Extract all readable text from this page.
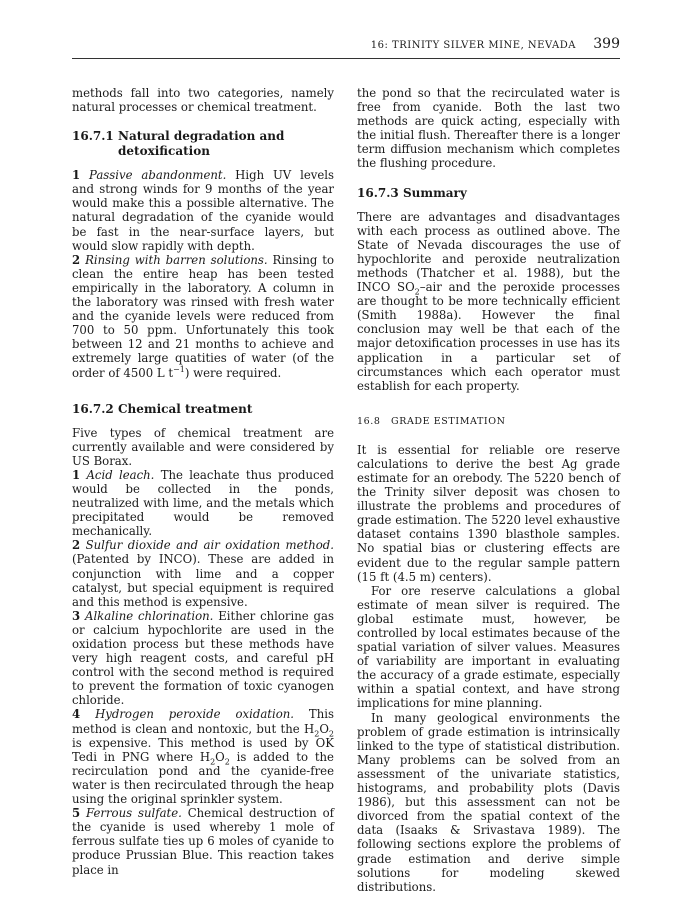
16: TRINITY SILVER MINE, NEVADA 399

methods fall into two categories, namely natural processes or chemical treatment.

16.7.1 Natural degradation and detoxification

1 Passive abandonment. High UV levels and strong winds for 9 months of the year would make this a possible alternative. The natural degradation of the cyanide would be fast in the near-surface layers, but would slow rapidly with depth.

2 Rinsing with barren solutions. Rinsing to clean the entire heap has been tested empirically in the laboratory. A column in the laboratory was rinsed with fresh water and the cyanide levels were reduced from 700 to 50 ppm. Unfortunately this took between 12 and 21 months to achieve and extremely large quatities of water (of the order of 4500 L $t^{-1}$) were required.

16.7.2 Chemical treatment

Five types of chemical treatment are currently available and were considered by US Borax.

1 Acid leach. The leachate thus produced would be collected in the ponds, neutralized with lime, and the metals which precipitated would be removed mechanically.

2 Sulfur dioxide and air oxidation method. (Patented by INCO). These are added in conjunction with lime and a copper catalyst, but special equipment is required and this method is expensive.

3 Alkaline chlorination. Either chlorine gas or calcium hypochlorite are used in the oxidation process but these methods have very high reagent costs, and careful pH control with the second method is required to prevent the formation of toxic cyanogen chloride.

4 Hydrogen peroxide oxidation. This method is clean and nontoxic, but the $H_2O_2$ is expensive. This method is used by OK Tedi in PNG where $H_2O_2$ is added to the recirculation pond and the cyanide-free water is then recirculated through the heap using the original sprinkler system.

5 Ferrous sulfate. Chemical destruction of the cyanide is used whereby 1 mole of ferrous sulfate ties up 6 moles of cyanide to produce Prussian Blue. This reaction takes place in

the pond so that the recirculated water is free from cyanide. Both the last two methods are quick acting, especially with the initial flush. Thereafter there is a longer term diffusion mechanism which completes the flushing procedure.

16.7.3 Summary

There are advantages and disadvantages with each process as outlined above. The State of Nevada discourages the use of hypochlorite and peroxide neutralization methods (Thatcher et al. 1988), but the INCO $SO_2$–air and the peroxide processes are thought to be more technically efficient (Smith 1988a). However the final conclusion may well be that each of the major detoxification processes in use has its application in a particular set of circumstances which each operator must establish for each property.

16.8 GRADE ESTIMATION

It is essential for reliable ore reserve calculations to derive the best Ag grade estimate for an orebody. The 5220 bench of the Trinity silver deposit was chosen to illustrate the problems and procedures of grade estimation. The 5220 level exhaustive dataset contains 1390 blasthole samples. No spatial bias or clustering effects are evident due to the regular sample pattern (15 ft (4.5 m) centers).

For ore reserve calculations a global estimate of mean silver is required. The global estimate must, however, be controlled by local estimates because of the spatial variation of silver values. Measures of variability are important in evaluating the accuracy of a grade estimate, especially within a spatial context, and have strong implications for mine planning.

In many geological environments the problem of grade estimation is intrinsically linked to the type of statistical distribution. Many problems can be solved from an assessment of the univariate statistics, histograms, and probability plots (Davis 1986), but this assessment can not be divorced from the spatial context of the data (Isaaks & Srivastava 1989). The following sections explore the problems of grade estimation and derive simple solutions for modeling skewed distributions.
